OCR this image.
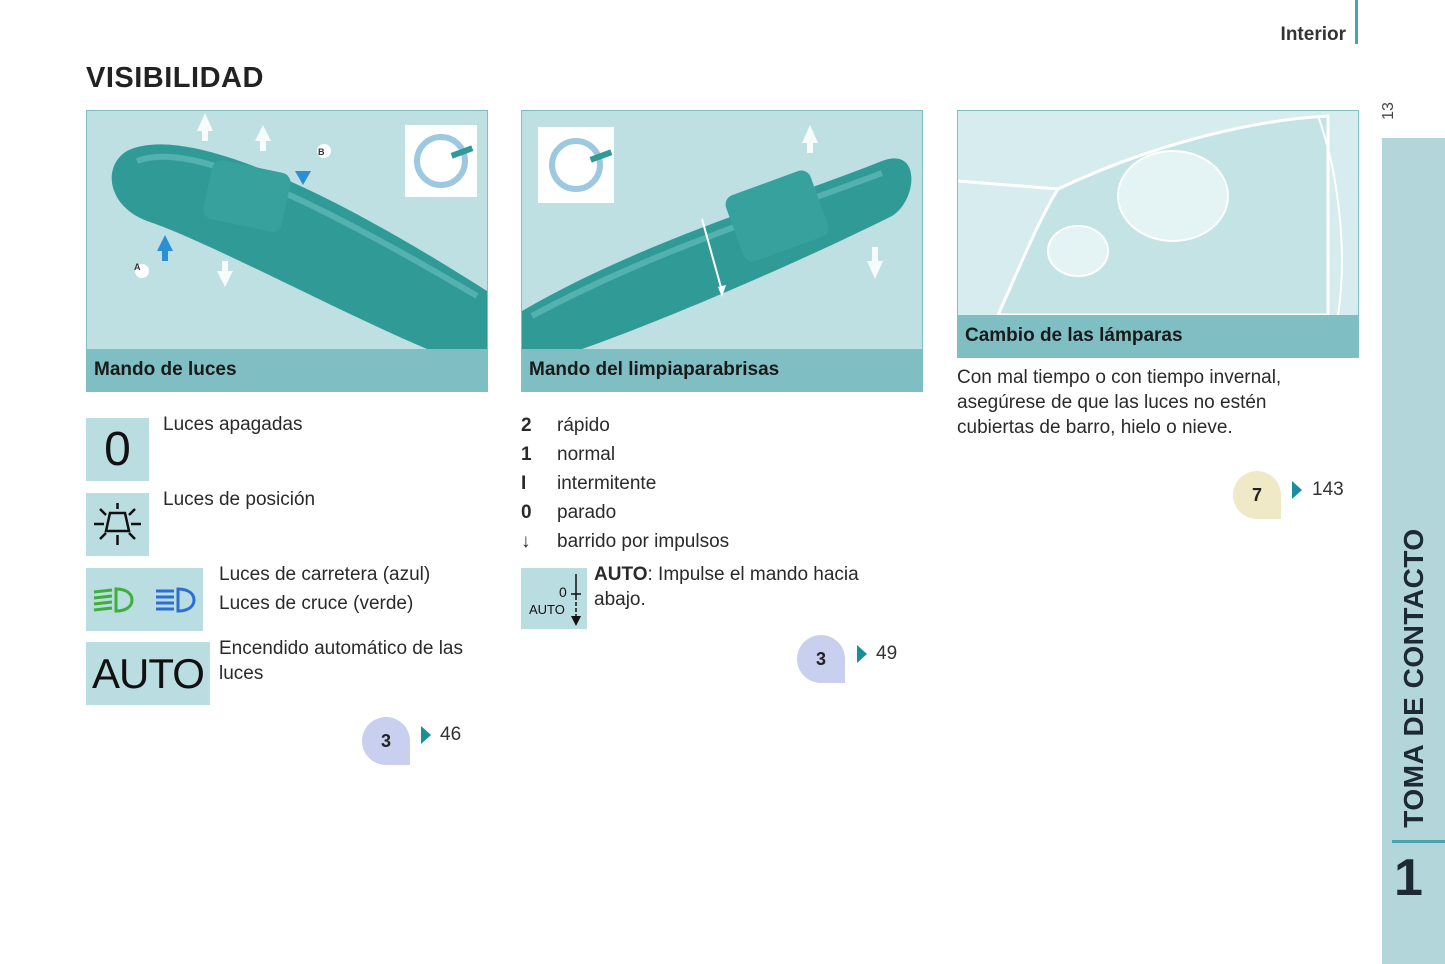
Interior
13
TOMA DE CONTACTO
1
VISIBILIDAD
Mando de luces
A
B
Mando del limpiaparabrisas
Cambio de las lámparas
0 Luces apagadas
Luces de posición
Luces de carretera (azul)
Luces de cruce (verde)
AUTO
Encendido automático de las luces
3	46
2 rápido
1 normal
I intermitente
0 parado
↓ barrido por impulsos
0
AUTO
AUTO: Impulse el mando hacia abajo.
3	49
Con mal tiempo o con tiempo invernal, asegúrese de que las luces no estén cubiertas de barro, hielo o nieve.
7	143
